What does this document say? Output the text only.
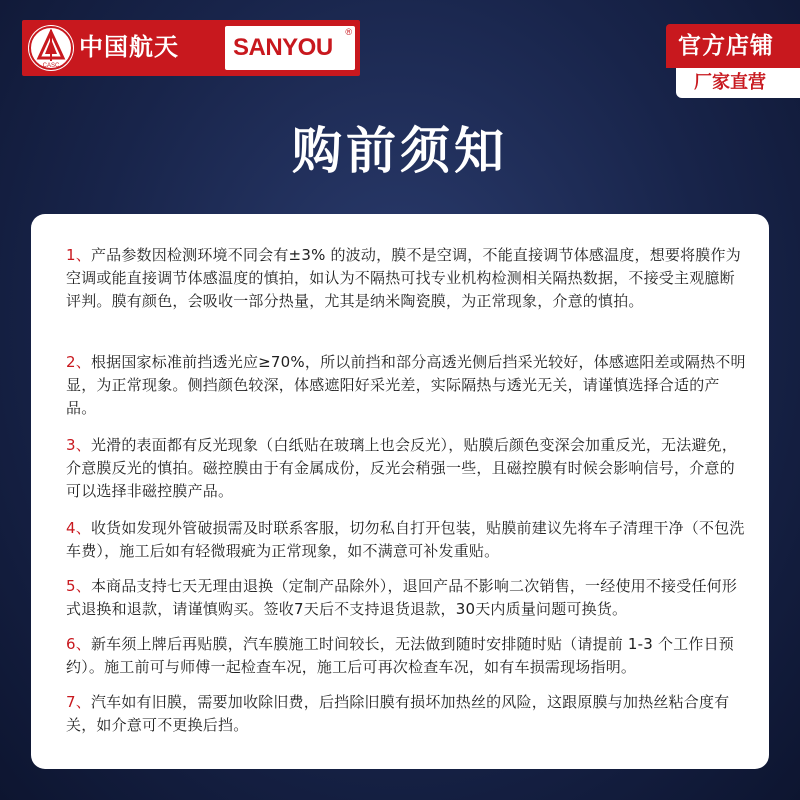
CASC
中国航天 SANYOU
®
官方店铺
厂家直营
购前须知
1、产品参数因检测环境不同会有±3% 的波动，膜不是空调，不能直接调节体感温度，想要将膜作为空调或能直接调节体感温度的慎拍，如认为不隔热可找专业机构检测相关隔热数据，不接受主观臆断评判。膜有颜色，会吸收一部分热量，尤其是纳米陶瓷膜，为正常现象，介意的慎拍。
2、根据国家标准前挡透光应≥70%，所以前挡和部分高透光侧后挡采光较好，体感遮阳差或隔热不明显，为正常现象。侧挡颜色较深，体感遮阳好采光差，实际隔热与透光无关，请谨慎选择合适的产品。
3、光滑的表面都有反光现象（白纸贴在玻璃上也会反光），贴膜后颜色变深会加重反光，无法避免，介意膜反光的慎拍。磁控膜由于有金属成份，反光会稍强一些，且磁控膜有时候会影响信号，介意的可以选择非磁控膜产品。
4、收货如发现外管破损需及时联系客服，切勿私自打开包装，贴膜前建议先将车子清理干净（不包洗车费），施工后如有轻微瑕疵为正常现象，如不满意可补发重贴。
5、本商品支持七天无理由退换（定制产品除外），退回产品不影响二次销售，一经使用不接受任何形式退换和退款，请谨慎购买。签收7天后不支持退货退款，30天内质量问题可换货。
6、新车须上牌后再贴膜，汽车膜施工时间较长，无法做到随时安排随时贴（请提前 1-3 个工作日预约）。施工前可与师傅一起检查车况，施工后可再次检查车况，如有车损需现场指明。
7、汽车如有旧膜，需要加收除旧费，后挡除旧膜有损坏加热丝的风险，这跟原膜与加热丝粘合度有关，如介意可不更换后挡。
